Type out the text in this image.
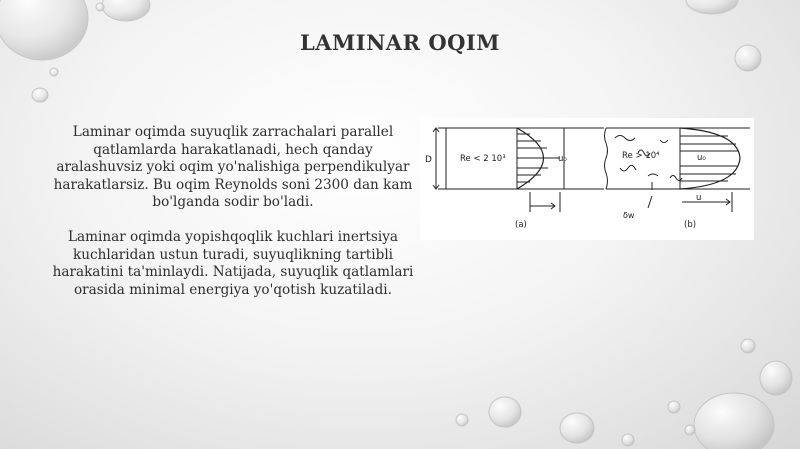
LAMINAR OQIM

Laminar oqimda suyuqlik zarrachalari parallel qatlamlarda harakatlanadi, hech qanday aralashuvsiz yoki oqim yo'nalishiga perpendikulyar harakatlarsiz. Bu oqim Reynolds soni 2300 dan kam bo'lganda sodir bo'ladi.

Laminar oqimda yopishqoqlik kuchlari inertsiya kuchlaridan ustun turadi, suyuqlikning tartibli harakatini ta'minlaydi. Natijada, suyuqlik qatlamlari orasida minimal energiya yo'qotish kuzatiladi.

D	Re < 2 10³	u₀
(a)
Re > 10⁴	u₀
u
δw
(b)
